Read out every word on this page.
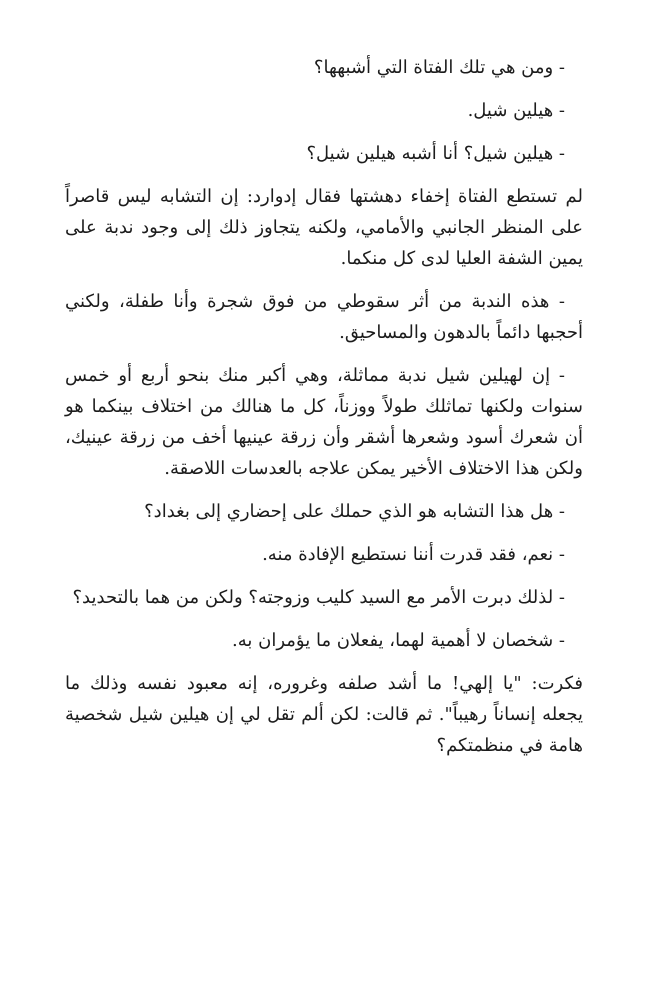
- ومن هي تلك الفتاة التي أشبهها؟

- هيلين شيل.

- هيلين شيل؟ أنا أشبه هيلين شيل؟

لم تستطع الفتاة إخفاء دهشتها فقال إدوارد: إن التشابه ليس قاصراً على المنظر الجانبي والأمامي، ولكنه يتجاوز ذلك إلى وجود ندبة على يمين الشفة العليا لدى كل منكما.

- هذه الندبة من أثر سقوطي من فوق شجرة وأنا طفلة، ولكني أحجبها دائماً بالدهون والمساحيق.

- إن لهيلين شيل ندبة مماثلة، وهي أكبر منك بنحو أربع أو خمس سنوات ولكنها تماثلك طولاً ووزناً، كل ما هنالك من اختلاف بينكما هو أن شعرك أسود وشعرها أشقر وأن زرقة عينيها أخف من زرقة عينيك، ولكن هذا الاختلاف الأخير يمكن علاجه بالعدسات اللاصقة.

- هل هذا التشابه هو الذي حملك على إحضاري إلى بغداد؟

- نعم، فقد قدرت أننا نستطيع الإفادة منه.

- لذلك دبرت الأمر مع السيد كليب وزوجته؟ ولكن من هما بالتحديد؟

- شخصان لا أهمية لهما، يفعلان ما يؤمران به.

فكرت: "يا إلهي! ما أشد صلفه وغروره، إنه معبود نفسه وذلك ما يجعله إنساناً رهيباً". ثم قالت: لكن ألم تقل لي إن هيلين شيل شخصية هامة في منظمتكم؟
